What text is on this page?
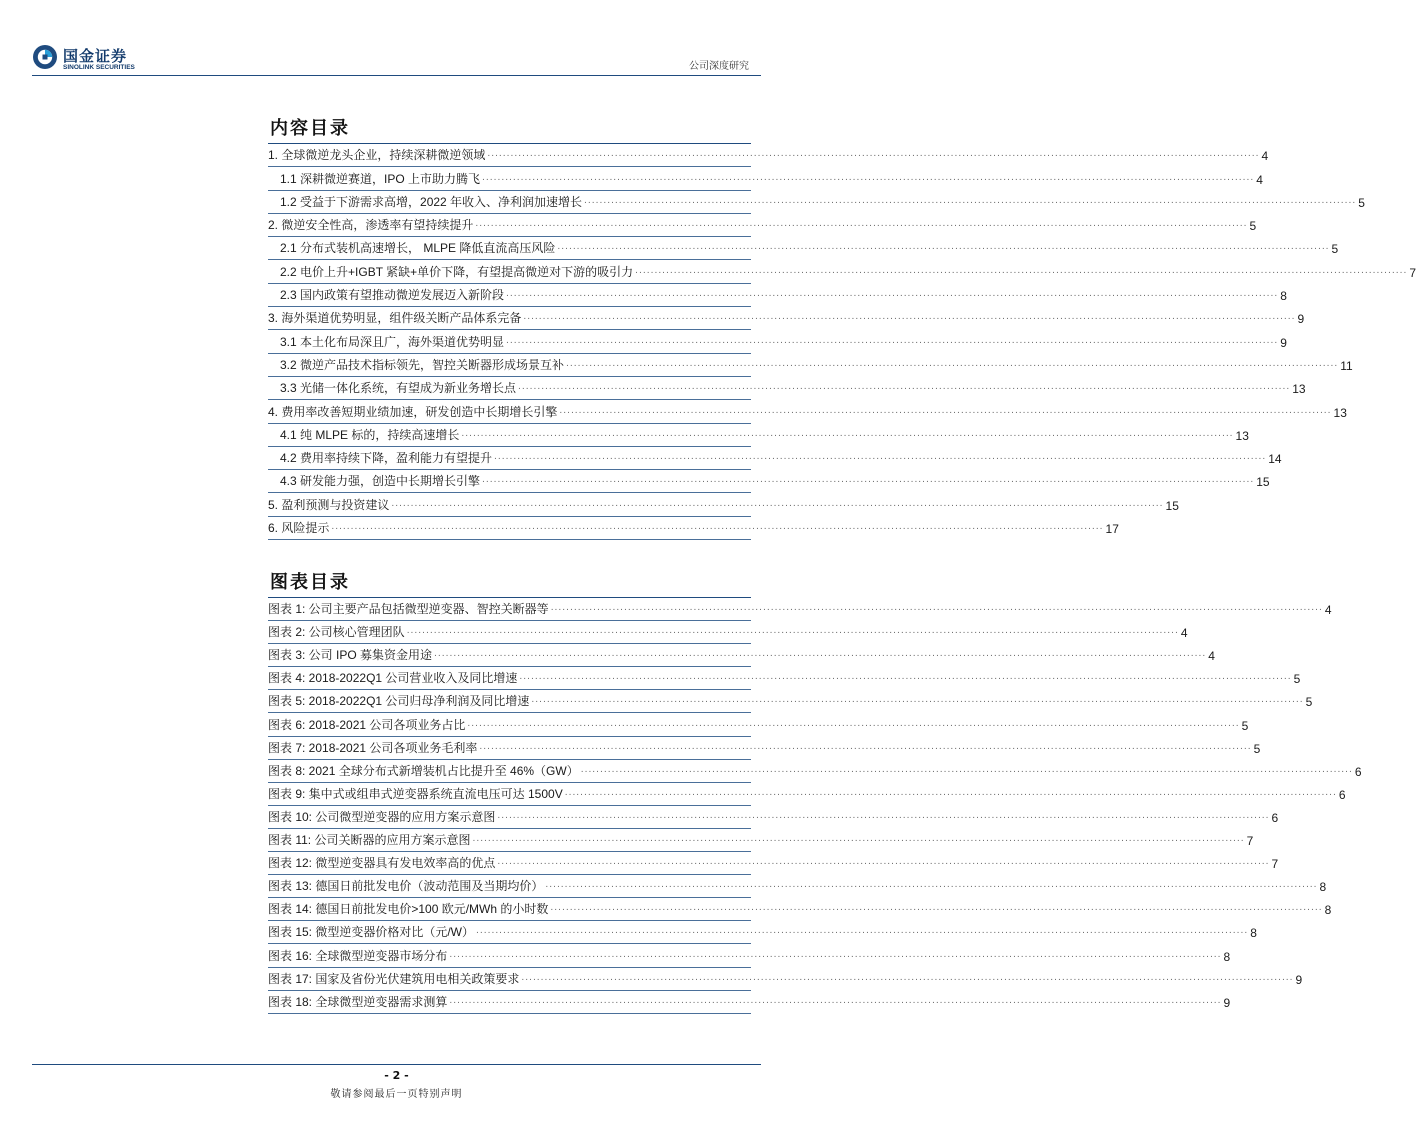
国金证券
SINOLINK SECURITIES	公司深度研究
内容目录
1. 全球微逆龙头企业，持续深耕微逆领域 ........................................................................................................................................................................................................ 4
1.1 深耕微逆赛道，IPO 上市助力腾飞 ........................................................................................................................................................................................................ 4
1.2 受益于下游需求高增，2022 年收入、净利润加速增长 ........................................................................................................................................................................................................ 5
2. 微逆安全性高，渗透率有望持续提升 ........................................................................................................................................................................................................ 5
2.1 分布式装机高速增长， MLPE 降低直流高压风险 ........................................................................................................................................................................................................ 5
2.2 电价上升+IGBT 紧缺+单价下降，有望提高微逆对下游的吸引力 ........................................................................................................................................................................................................ 7
2.3 国内政策有望推动微逆发展迈入新阶段 ........................................................................................................................................................................................................ 8
3. 海外渠道优势明显，组件级关断产品体系完备 ........................................................................................................................................................................................................ 9
3.1 本土化布局深且广，海外渠道优势明显 ........................................................................................................................................................................................................ 9
3.2 微逆产品技术指标领先，智控关断器形成场景互补 ........................................................................................................................................................................................................ 11
3.3 光储一体化系统，有望成为新业务增长点 ........................................................................................................................................................................................................ 13
4. 费用率改善短期业绩加速，研发创造中长期增长引擎 ........................................................................................................................................................................................................ 13
4.1 纯 MLPE 标的，持续高速增长 ........................................................................................................................................................................................................ 13
4.2 费用率持续下降，盈利能力有望提升 ........................................................................................................................................................................................................ 14
4.3 研发能力强，创造中长期增长引擎 ........................................................................................................................................................................................................ 15
5. 盈利预测与投资建议 ........................................................................................................................................................................................................ 15
6. 风险提示 ........................................................................................................................................................................................................ 17
图表目录
图表 1: 公司主要产品包括微型逆变器、智控关断器等 ........................................................................................................................................................................................................ 4
图表 2: 公司核心管理团队 ........................................................................................................................................................................................................ 4
图表 3: 公司 IPO 募集资金用途 ........................................................................................................................................................................................................ 4
图表 4: 2018-2022Q1 公司营业收入及同比增速 ........................................................................................................................................................................................................ 5
图表 5: 2018-2022Q1 公司归母净利润及同比增速 ........................................................................................................................................................................................................ 5
图表 6: 2018-2021 公司各项业务占比 ........................................................................................................................................................................................................ 5
图表 7: 2018-2021 公司各项业务毛利率 ........................................................................................................................................................................................................ 5
图表 8: 2021 全球分布式新增装机占比提升至 46%（GW） ........................................................................................................................................................................................................ 6
图表 9: 集中式或组串式逆变器系统直流电压可达 1500V ........................................................................................................................................................................................................ 6
图表 10: 公司微型逆变器的应用方案示意图 ........................................................................................................................................................................................................ 6
图表 11: 公司关断器的应用方案示意图 ........................................................................................................................................................................................................ 7
图表 12: 微型逆变器具有发电效率高的优点 ........................................................................................................................................................................................................ 7
图表 13: 德国日前批发电价（波动范围及当期均价） ........................................................................................................................................................................................................ 8
图表 14: 德国日前批发电价>100 欧元/MWh 的小时数 ........................................................................................................................................................................................................ 8
图表 15: 微型逆变器价格对比（元/W） ........................................................................................................................................................................................................ 8
图表 16: 全球微型逆变器市场分布 ........................................................................................................................................................................................................ 8
图表 17: 国家及省份光伏建筑用电相关政策要求 ........................................................................................................................................................................................................ 9
图表 18: 全球微型逆变器需求测算 ........................................................................................................................................................................................................ 9
- 2 -
敬请参阅最后一页特别声明
